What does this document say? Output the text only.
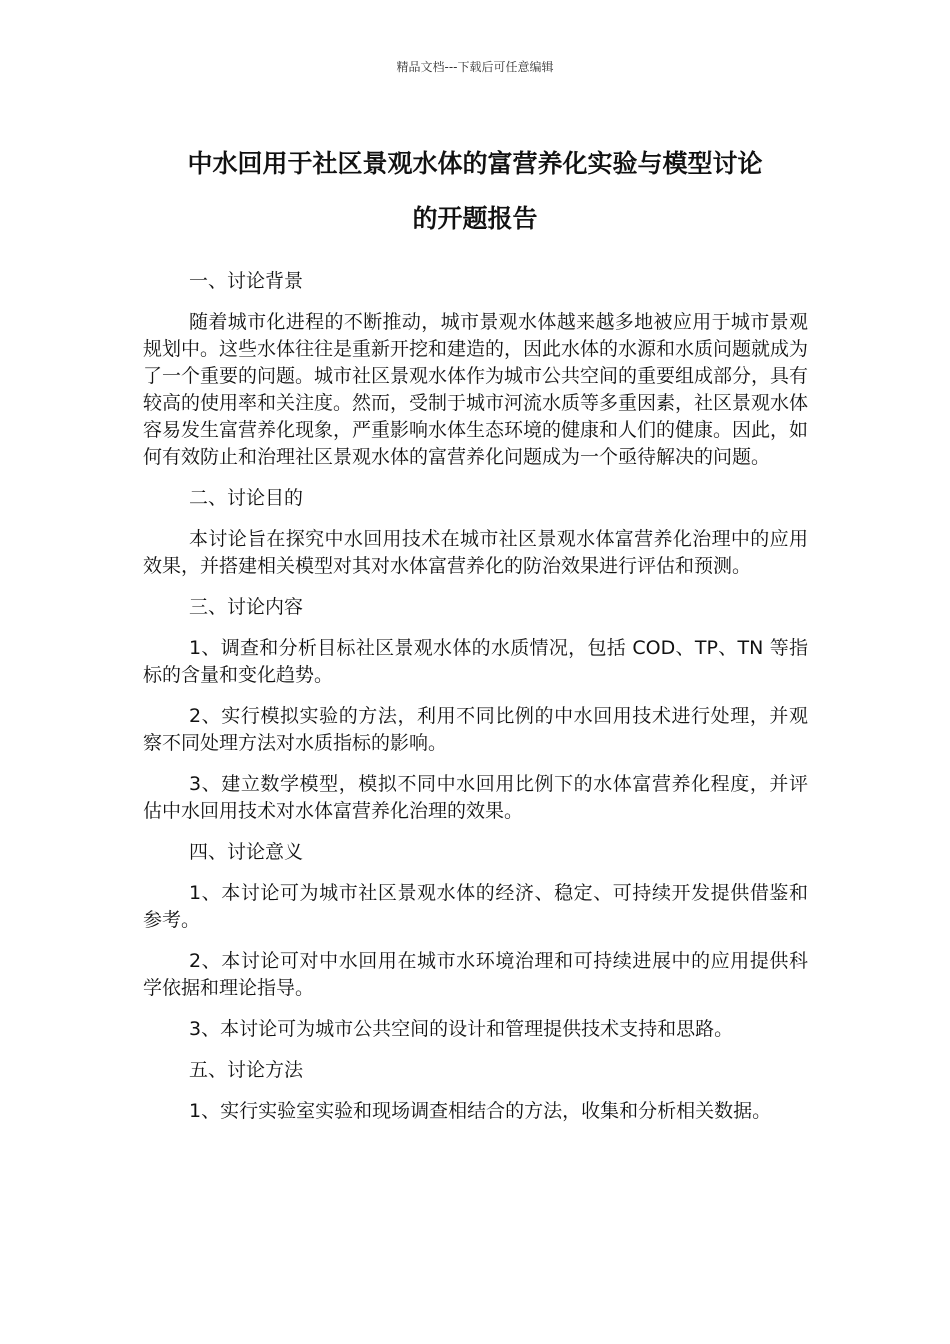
精品文档---下载后可任意编辑
中水回用于社区景观水体的富营养化实验与模型讨论
的开题报告

一、讨论背景

随着城市化进程的不断推动，城市景观水体越来越多地被应用于城市景观规划中。这些水体往往是重新开挖和建造的，因此水体的水源和水质问题就成为了一个重要的问题。城市社区景观水体作为城市公共空间的重要组成部分，具有较高的使用率和关注度。然而，受制于城市河流水质等多重因素，社区景观水体容易发生富营养化现象，严重影响水体生态环境的健康和人们的健康。因此，如何有效防止和治理社区景观水体的富营养化问题成为一个亟待解决的问题。

二、讨论目的

本讨论旨在探究中水回用技术在城市社区景观水体富营养化治理中的应用效果，并搭建相关模型对其对水体富营养化的防治效果进行评估和预测。

三、讨论内容

1、调查和分析目标社区景观水体的水质情况，包括 COD、TP、TN 等指标的含量和变化趋势。

2、实行模拟实验的方法，利用不同比例的中水回用技术进行处理，并观察不同处理方法对水质指标的影响。

3、建立数学模型，模拟不同中水回用比例下的水体富营养化程度，并评估中水回用技术对水体富营养化治理的效果。

四、讨论意义

1、本讨论可为城市社区景观水体的经济、稳定、可持续开发提供借鉴和参考。

2、本讨论可对中水回用在城市水环境治理和可持续进展中的应用提供科学依据和理论指导。

3、本讨论可为城市公共空间的设计和管理提供技术支持和思路。

五、讨论方法

1、实行实验室实验和现场调查相结合的方法，收集和分析相关数据。
